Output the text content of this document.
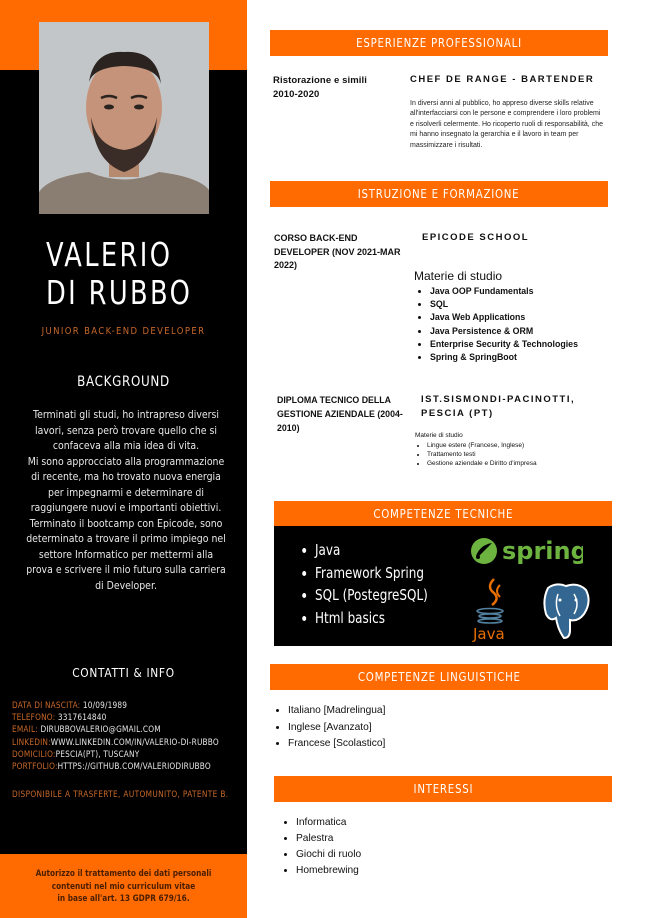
VALERIO
DI RUBBO
JUNIOR BACK-END DEVELOPER
BACKGROUND

Terminati gli studi, ho intrapreso diversi lavori, senza però trovare quello che si confaceva alla mia idea di vita.

Mi sono approcciato alla programmazione di recente, ma ho trovato nuova energia per impegnarmi e determinare di raggiungere nuovi e importanti obiettivi.

Terminato il bootcamp con Epicode, sono determinato a trovare il primo impiego nel settore Informatico per mettermi alla prova e scrivere il mio futuro sulla carriera di Developer.

CONTATTI & INFO
DATA DI NASCITA: 10/09/1989
TELEFONO: 3317614840
EMAIL: DIRUBBOVALERIO@GMAIL.COM
LINKEDIN:WWW.LINKEDIN.COM/IN/VALERIO-DI-RUBBO
DOMICILIO:PESCIA(PT), TUSCANY
PORTFOLIO:HTTPS://GITHUB.COM/VALERIODIRUBBO
DISPONIBILE A TRASFERTE, AUTOMUNITO, PATENTE B.
Autorizzo il trattamento dei dati personali
contenuti nel mio curriculum vitae
in base all'art. 13 GDPR 679/16.
ESPERIENZE PROFESSIONALI
Ristorazione e simili
2010-2020
CHEF DE RANGE - BARTENDER
In diversi anni al pubblico, ho appreso diverse skills relative all'interfacciarsi con le persone e comprendere i loro problemi e risolverli celermente. Ho ricoperto ruoli di responsabilità, che mi hanno insegnato la gerarchia e il lavoro in team per massimizzare i risultati.
ISTRUZIONE E FORMAZIONE
CORSO BACK-END DEVELOPER (NOV 2021-MAR 2022)
EPICODE SCHOOL
Materie di studio
• Java OOP Fundamentals
• SQL
• Java Web Applications
• Java Persistence & ORM
• Enterprise Security & Technologies
• Spring & SpringBoot
DIPLOMA TECNICO DELLA GESTIONE AZIENDALE (2004-2010)
IST.SISMONDI-PACINOTTI, PESCIA (PT)
Materie di studio
• Lingue estere (Francese, Inglese)
• Trattamento testi
• Gestione aziendale e Diritto d'impresa
COMPETENZE TECNICHE
• Java
• Framework Spring
• SQL (PostegreSQL)
• Html basics
spring
Java
COMPETENZE LINGUISTICHE
• Italiano [Madrelingua]
• Inglese [Avanzato]
• Francese [Scolastico]
INTERESSI
• Informatica
• Palestra
• Giochi di ruolo
• Homebrewing
